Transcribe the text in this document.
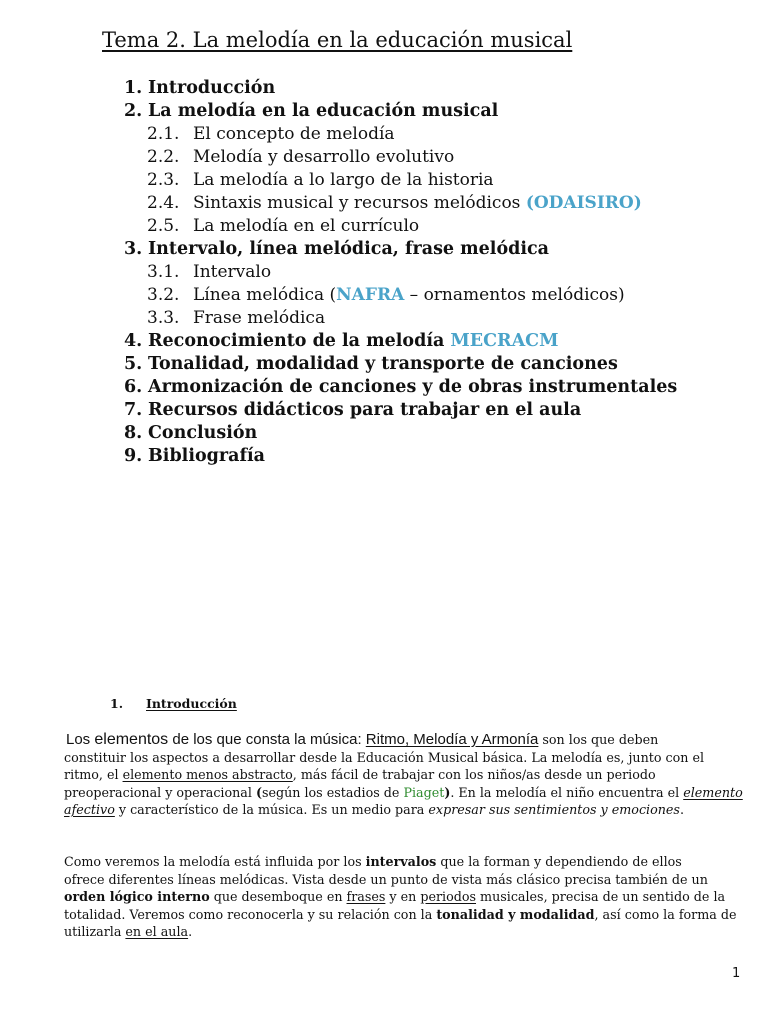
Tema 2. La melodía en la educación musical
1. Introducción
2. La melodía en la educación musical
2.1. El concepto de melodía
2.2. Melodía y desarrollo evolutivo
2.3. La melodía a lo largo de la historia
2.4. Sintaxis musical y recursos melódicos (ODAISIRO)
2.5. La melodía en el currículo
3. Intervalo, línea melódica, frase melódica
3.1. Intervalo
3.2. Línea melódica (NAFRA – ornamentos melódicos)
3.3. Frase melódica
4. Reconocimiento de la melodía MECRACM
5. Tonalidad, modalidad y transporte de canciones
6. Armonización de canciones y de obras instrumentales
7. Recursos didácticos para trabajar en el aula
8. Conclusión
9. Bibliografía
1. Introducción
Los elementos de los que consta la música: Ritmo, Melodía y Armonía son los que deben
constituir los aspectos a desarrollar desde la Educación Musical básica. La melodía es, junto con el
ritmo, el elemento menos abstracto, más fácil de trabajar con los niños/as desde un periodo
preoperacional y operacional (según los estadios de Piaget). En la melodía el niño encuentra el elemento
afectivo y característico de la música. Es un medio para expresar sus sentimientos y emociones.
Como veremos la melodía está influida por los intervalos que la forman y dependiendo de ellos
ofrece diferentes líneas melódicas. Vista desde un punto de vista más clásico precisa también de un
orden lógico interno que desemboque en frases y en periodos musicales, precisa de un sentido de la
totalidad. Veremos como reconocerla y su relación con la tonalidad y modalidad, así como la forma de
utilizarla en el aula.
1
